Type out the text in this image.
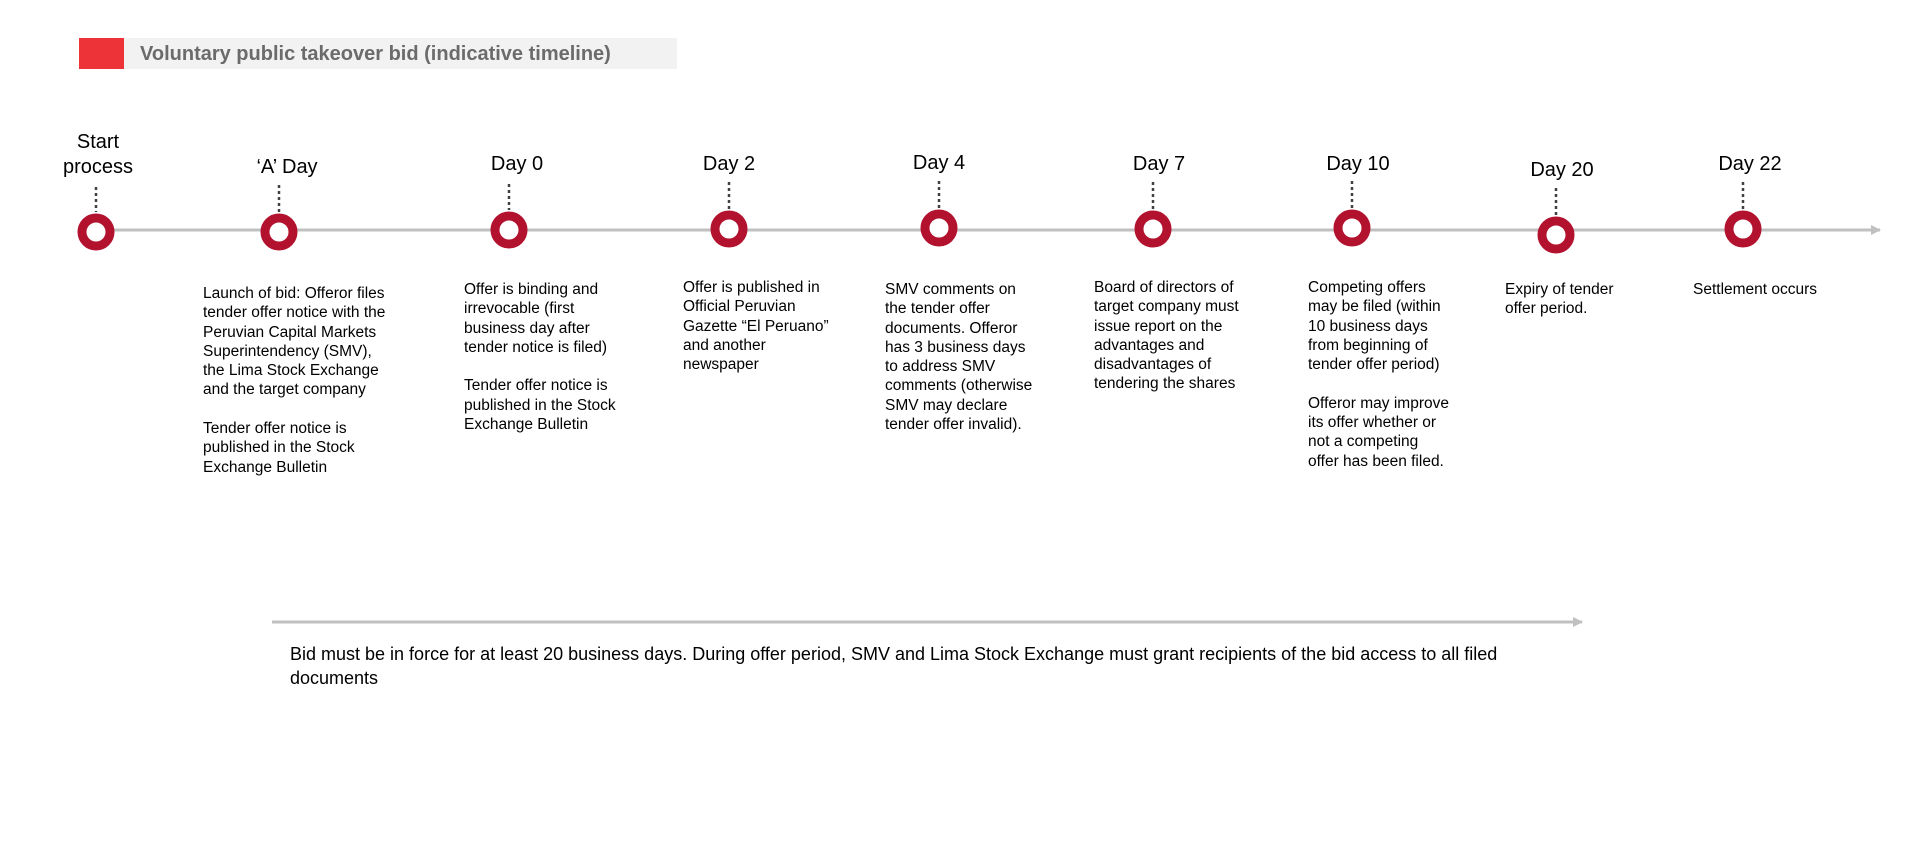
Voluntary public takeover bid (indicative timeline)
Start
process	‘A’ Day
Launch of bid: Offeror files
tender offer notice with the
Peruvian Capital Markets
Superintendency (SMV),
the Lima Stock Exchange
and the target company

Tender offer notice is
published in the Stock
Exchange Bulletin
Day 0
Offer is binding and
irrevocable (first
business day after
tender notice is filed)

Tender offer notice is
published in the Stock
Exchange Bulletin
Day 2
Offer is published in
Official Peruvian
Gazette “El Peruano”
and another
newspaper
Day 4
SMV comments on
the tender offer
documents. Offeror
has 3 business days
to address SMV
comments (otherwise
SMV may declare
tender offer invalid).
Day 7
Board of directors of
target company must
issue report on the
advantages and
disadvantages of
tendering the shares
Day 10
Competing offers
may be filed (within
10 business days
from beginning of
tender offer period)

Offeror may improve
its offer whether or
not a competing
offer has been filed.
Day 20
Expiry of tender
offer period.
Day 22
Settlement occurs
Bid must be in force for at least 20 business days. During offer period, SMV and Lima Stock Exchange must grant recipients of the bid access to all filed documents
